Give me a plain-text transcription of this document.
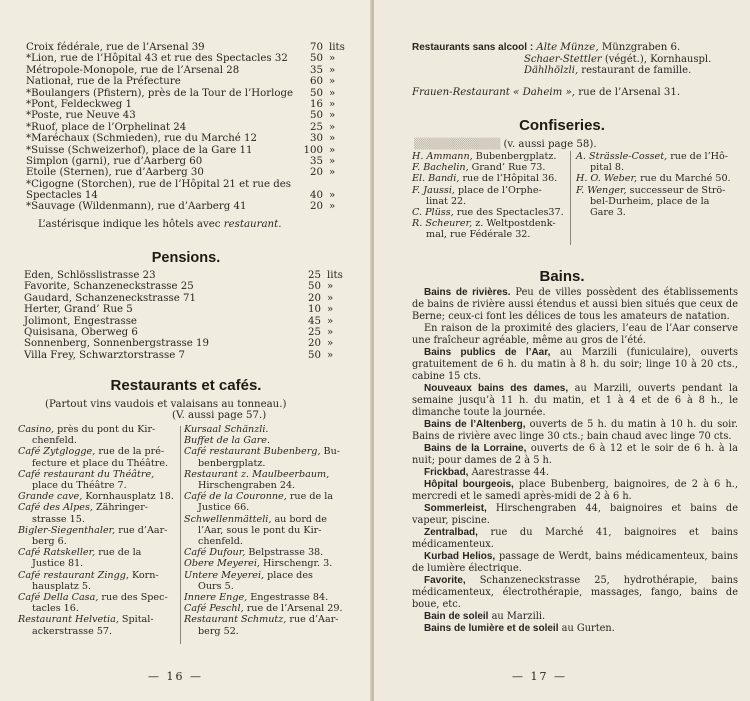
Croix fédérale, rue de l’Arsenal 39	70 lits
*Lion, rue de l’Hôpital 43 et rue des Spectacles 32	50 »
Métropole-Monopole, rue de l’Arsenal 28	35 »
Nationał, rue de la Préfecture	60 »
*Boulangers (Pfistern), près de la Tour de l’Horloge	50 »
*Pont, Feldeckweg 1	16 »
*Poste, rue Neuve 43	50 »
*Ruof, place de l’Orphelinat 24	25 »
*Maréchaux (Schmieden), rue du Marché 12	30 »
*Suisse (Schweizerhof), place de la Gare 11	100 »
Simplon (garni), rue d’Aarberg 60	35 »
Etoile (Sternen), rue d’Aarberg 30	20 »
*Cigogne (Storchen), rue de l’Hôpital 21 et rue des
Spectacles 14	40 »
*Sauvage (Wildenmann), rue d’Aarberg 41	20 »
L’astérisque indique les hôtels avec restaurant.
Pensions.
Eden, Schlösslistrasse 23	25 lits
Favorite, Schanzeneckstrasse 25	50 »
Gaudard, Schanzeneckstrasse 71	20 »
Herter, Grand’ Rue 5	10 »
Jolimont, Engestrasse	45 »
Quisisana, Oberweg 6	25 »
Sonnenberg, Sonnenbergstrasse 19	20 »
Villa Frey, Schwarztorstrasse 7	50 »
Restaurants et cafés.
(Partout vins vaudois et valaisans au tonneau.)
(V. aussi page 57.)
Casino, près du pont du Kir-
chenfeld.
Café Zytglogge, rue de la pré-
fecture et place du Théâtre.
Café restaurant du Théâtre,
place du Théâtre 7.
Grande cave, Kornhausplatz 18.
Café des Alpes, Zähringer-
strasse 15.
Bigler-Siegenthaler, rue d’Aar-
berg 6.
Café Ratskeller, rue de la
Justice 81.
Café restaurant Zingg, Korn-
hausplatz 5.
Café Della Casa, rue des Spec-
tacles 16.
Restaurant Helvetia, Spital-
ackerstrasse 57.
Kursaal Schänzli.
Buffet de la Gare.
Café restaurant Bubenberg, Bu-
benbergplatz.
Restaurant z. Maulbeerbaum,
Hirschengraben 24.
Café de la Couronne, rue de la
Justice 66.
Schwellenmätteli, au bord de
l’Aar, sous le pont du Kir-
chenfeld.
Café Dufour, Belpstrasse 38.
Obere Meyerei, Hirschengr. 3.
Untere Meyerei, place des
Ours 5.
Innere Enge, Engestrasse 84.
Café Peschl, rue de l’Arsenal 29.
Restaurant Schmutz, rue d’Aar-
berg 52.
— 16 —
Restaurants sans alcool : Alte Münze, Münzgraben 6.
Schaer-Stettler (végét.), Kornhauspl.
Dählhölzli, restaurant de famille.
Frauen-Restaurant « Daheim », rue de l’Arsenal 31.
Confiseries.
▒▒▒▒▒▒▒▒▒▒▒ (v. aussi page 58).
H. Ammann, Bubenbergplatz.
F. Bachelin, Grand’ Rue 73.
El. Bandi, rue de l’Hôpital 36.
F. Jaussi, place de l’Orphe-
linat 22.
C. Plüss, rue des Spectacles37.
R. Scheurer, z. Weltpostdenk-
mal, rue Fédérale 32.
A. Strässle-Cosset, rue de l’Hô-
pital 8.
H. O. Weber, rue du Marché 50.
F. Wenger, successeur de Strö-
bel-Durheim, place de la
Gare 3.
Bains.

Bains de rivières. Peu de villes possèdent des établissements de bains de rivière aussi étendus et aussi bien situés que ceux de Berne; ceux-ci font les délices de tous les amateurs de natation.

En raison de la proximité des glaciers, l’eau de l’Aar conserve une fraîcheur agréable, même au gros de l’été.

Bains publics de l’Aar, au Marzili (funiculaire), ouverts gratuitement de 6 h. du matin à 8 h. du soir; linge 10 à 20 cts., cabine 15 cts.

Nouveaux bains des dames, au Marzili, ouverts pendant la semaine jusqu’à 11 h. du matin, et 1 à 4 et de 6 à 8 h., le dimanche toute la journée.

Bains de l’Altenberg, ouverts de 5 h. du matin à 10 h. du soir. Bains de rivière avec linge 30 cts.; bain chaud avec linge 70 cts.

Bains de la Lorraine, ouverts de 6 à 12 et le soir de 6 h. à la nuit; pour dames de 2 à 5 h.

Frickbad, Aarestrasse 44.

Hôpital bourgeois, place Bubenberg, baignoires, de 2 à 6 h., mercredi et le samedi après-midi de 2 à 6 h.

Sommerleist, Hirschengraben 44, baignoires et bains de vapeur, piscine.

Zentralbad, rue du Marché 41, baignoires et bains médicamenteux.

Kurbad Helios, passage de Werdt, bains médicamenteux, bains de lumière électrique.

Favorite, Schanzeneckstrasse 25, hydrothérapie, bains médicamenteux, électrothérapie, massages, fango, bains de boue, etc.

Bain de soleil au Marzili.

Bains de lumière et de soleil au Gurten.

— 17 —
